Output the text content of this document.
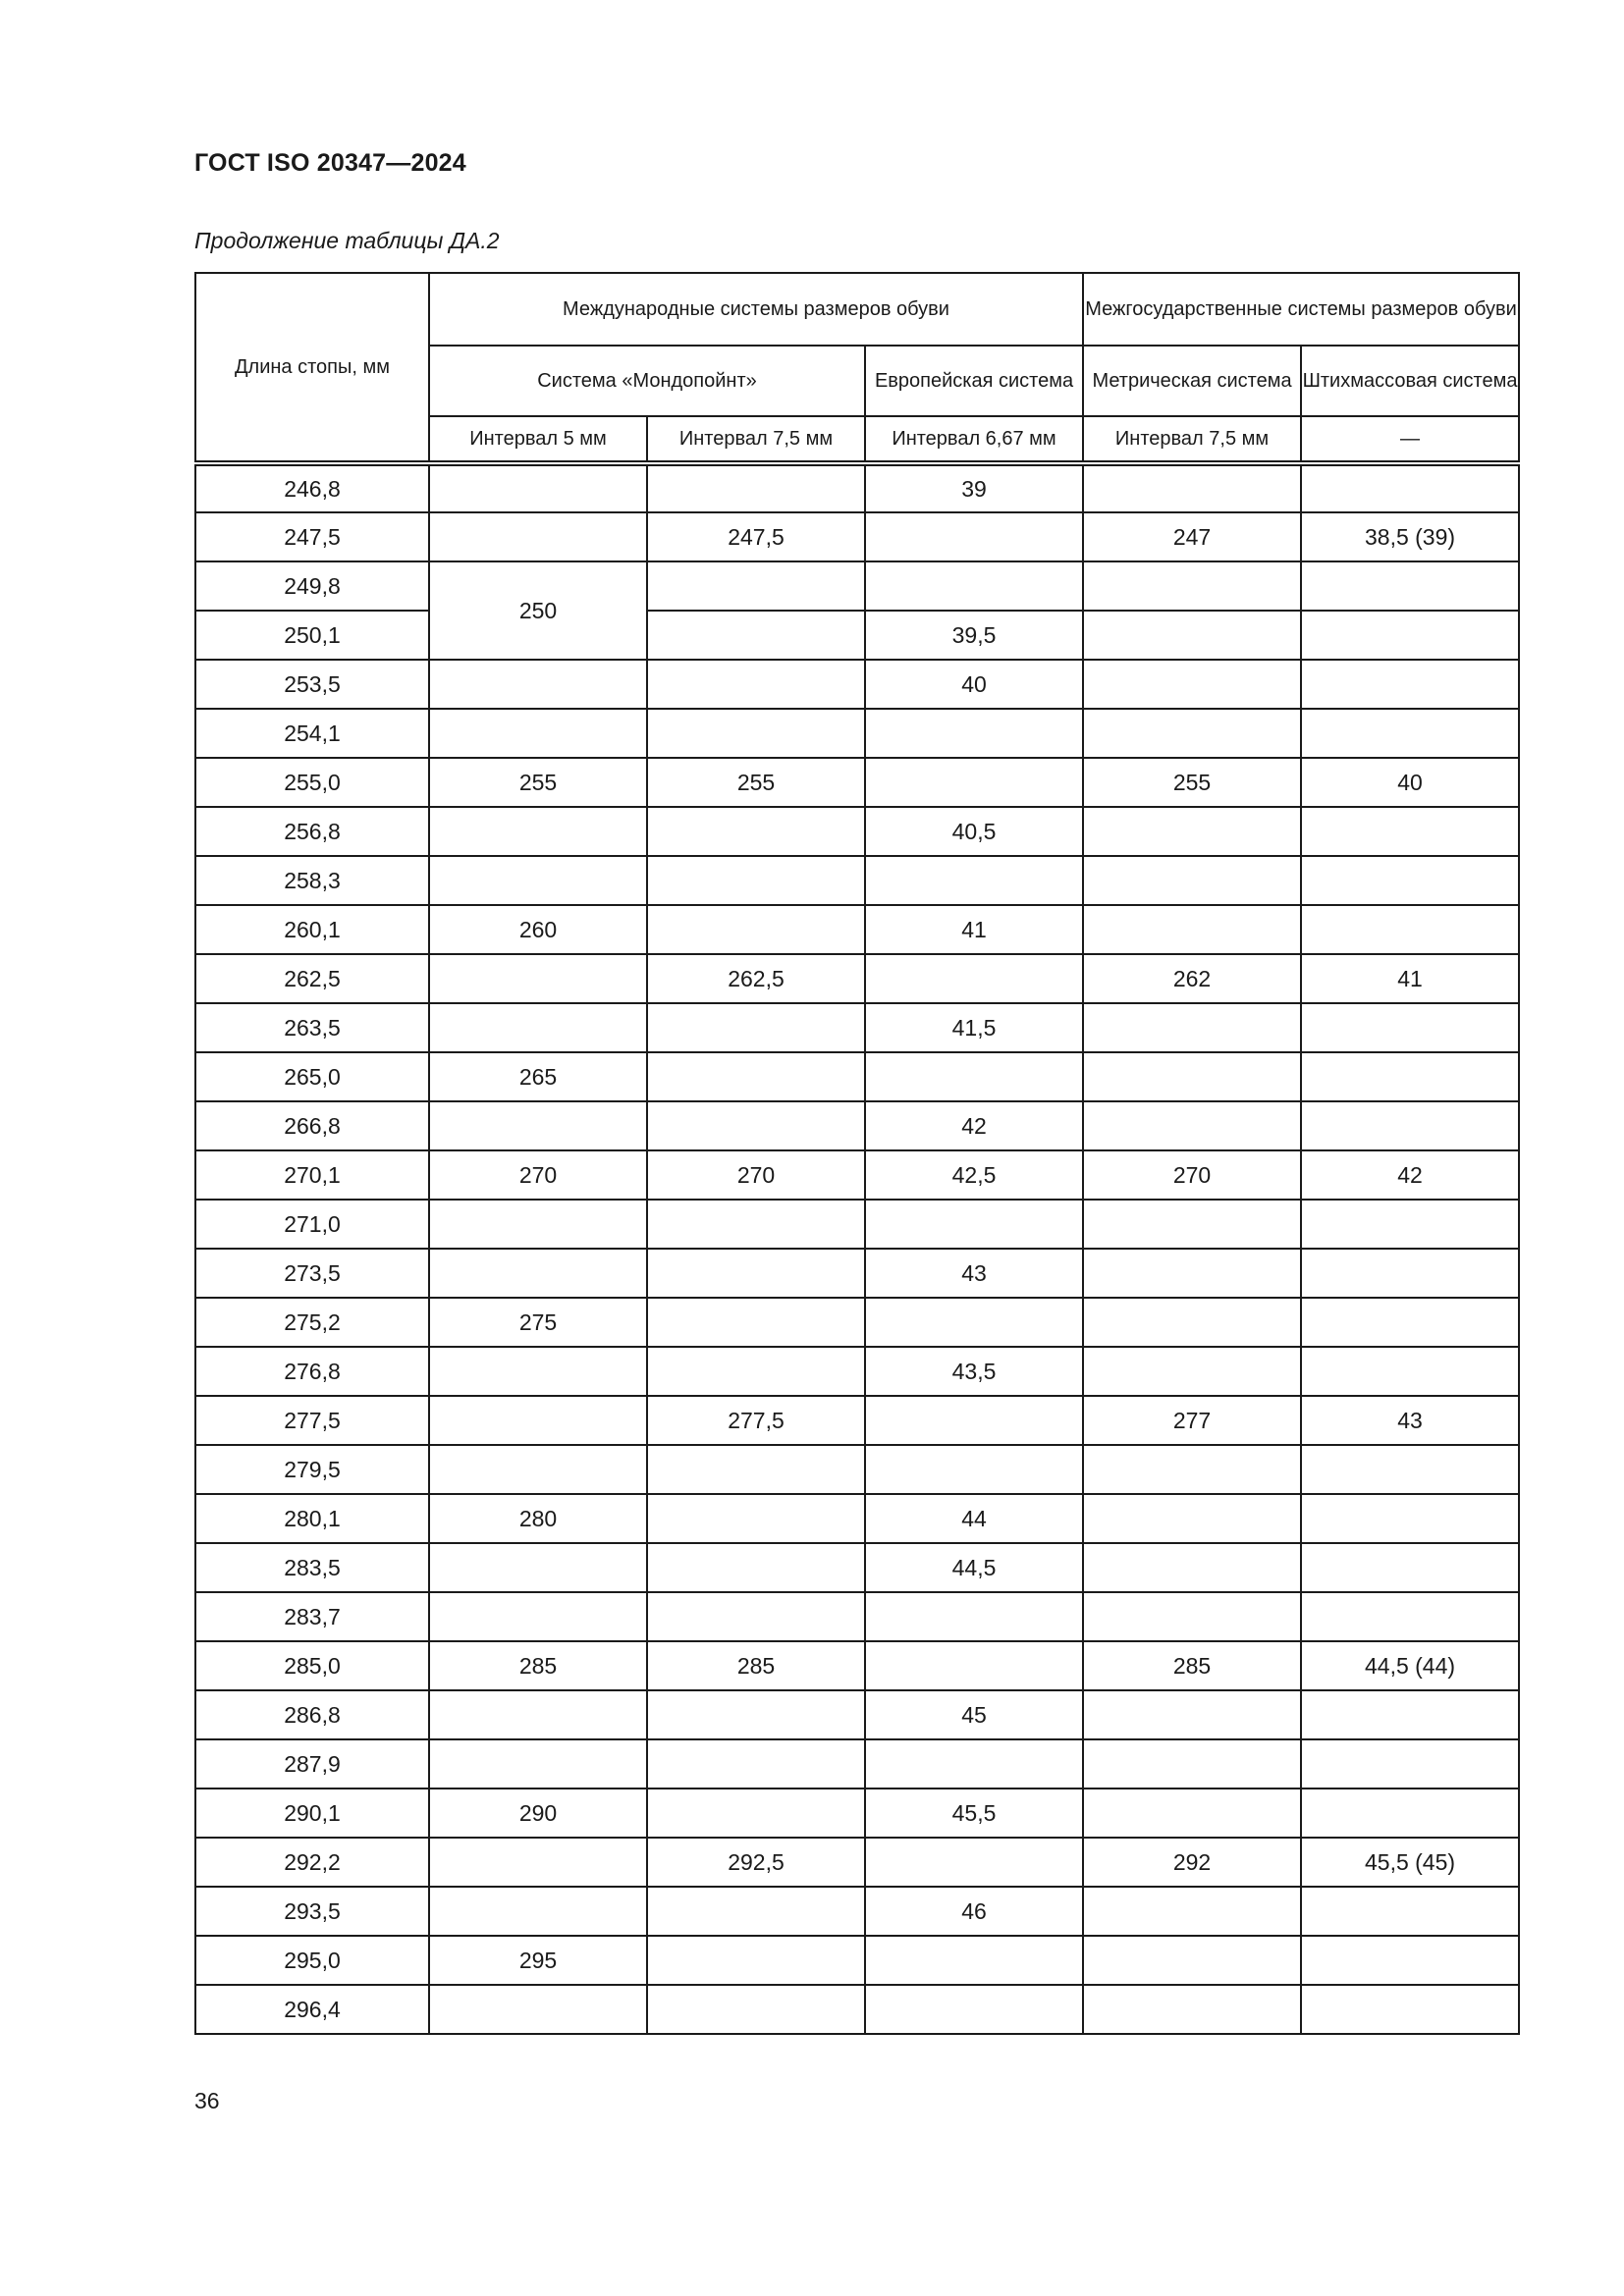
ГОСТ ISO 20347—2024
Продолжение таблицы ДА.2
Длина стопы, мм	Международные системы размеров обуви			Межгосударственные системы размеров обуви	
	Система «Мондопойнт»		Европейская система	Метрическая система	Штихмассовая система
	Интервал 5 мм	Интервал 7,5 мм	Интервал 6,67 мм	Интервал 7,5 мм	—
246,8			39		
247,5		247,5		247	38,5 (39)
249,8	250				
250,1			39,5		
253,5			40		
254,1					
255,0	255	255		255	40
256,8			40,5		
258,3					
260,1	260		41		
262,5		262,5		262	41
263,5			41,5		
265,0	265				
266,8			42		
270,1	270	270	42,5	270	42
271,0					
273,5			43		
275,2	275				
276,8			43,5		
277,5		277,5		277	43
279,5					
280,1	280		44		
283,5			44,5		
283,7					
285,0	285	285		285	44,5 (44)
286,8			45		
287,9					
290,1	290		45,5		
292,2		292,5		292	45,5 (45)
293,5			46		
295,0	295				
296,4					
36
